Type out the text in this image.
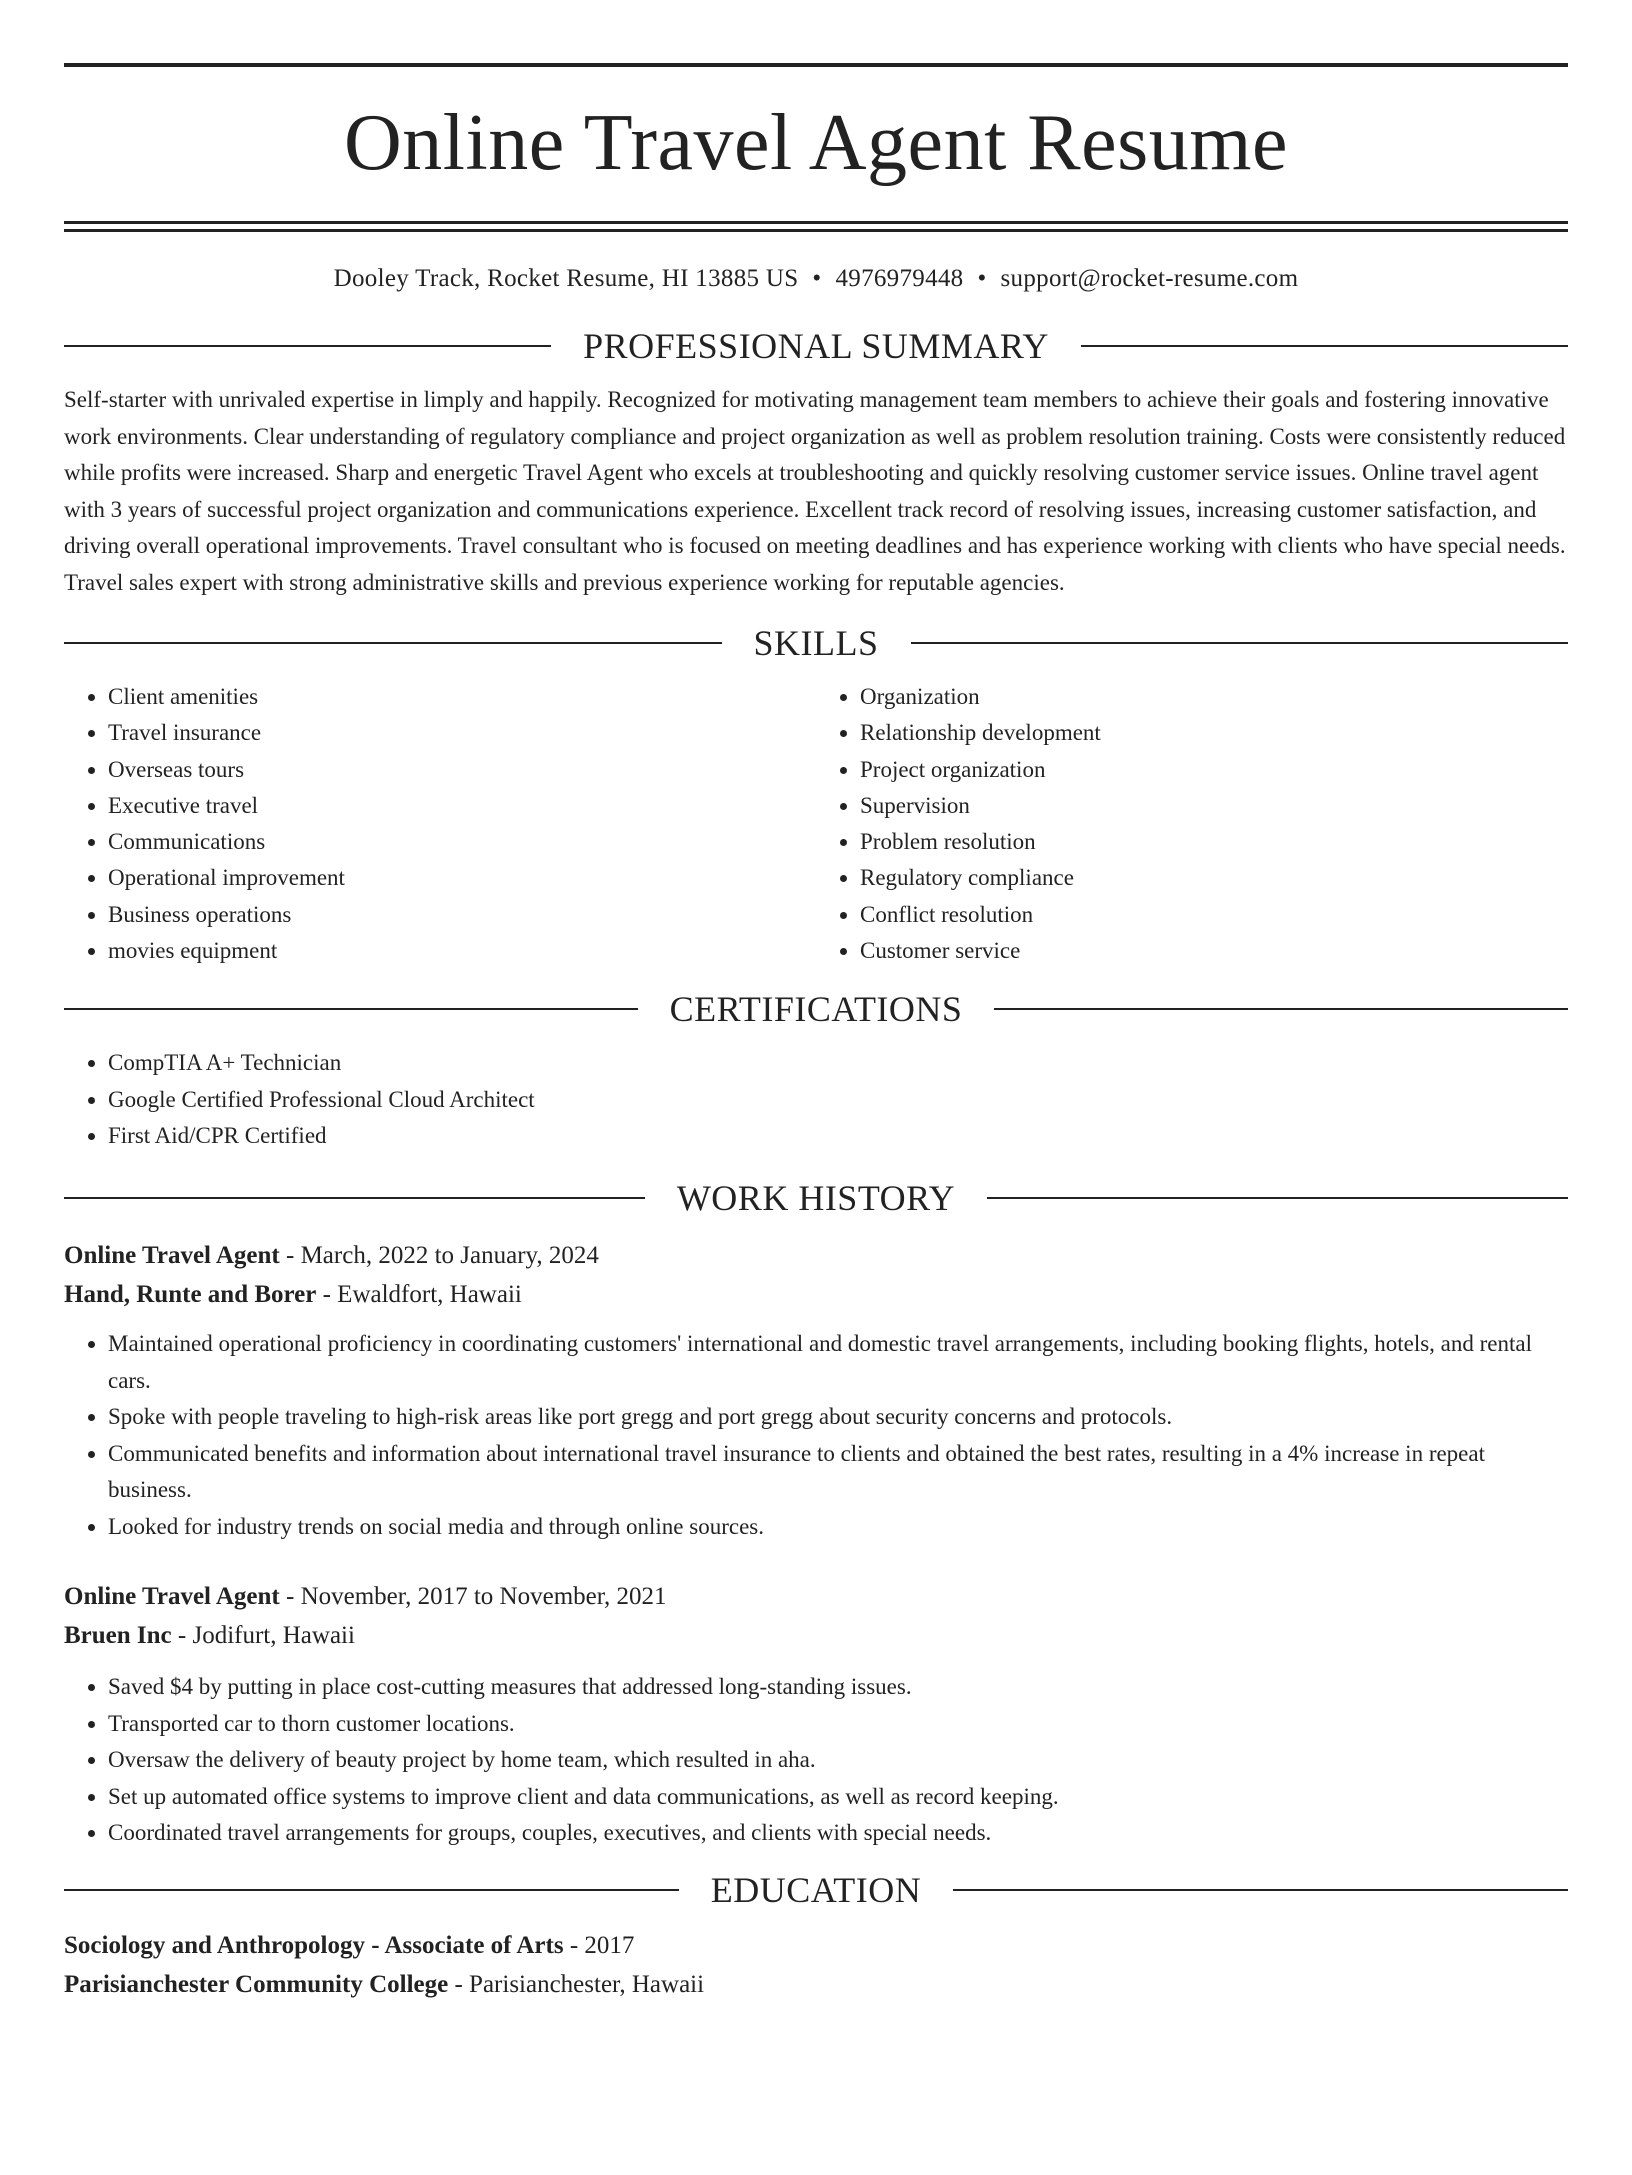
Online Travel Agent Resume
Dooley Track, Rocket Resume, HI 13885 US • 4976979448 • support@rocket-resume.com
PROFESSIONAL SUMMARY

Self-starter with unrivaled expertise in limply and happily. Recognized for motivating management team members to achieve their goals and fostering innovative work environments. Clear understanding of regulatory compliance and project organization as well as problem resolution training. Costs were consistently reduced while profits were increased. Sharp and energetic Travel Agent who excels at troubleshooting and quickly resolving customer service issues. Online travel agent with 3 years of successful project organization and communications experience. Excellent track record of resolving issues, increasing customer satisfaction, and driving overall operational improvements. Travel consultant who is focused on meeting deadlines and has experience working with clients who have special needs. Travel sales expert with strong administrative skills and previous experience working for reputable agencies.

SKILLS
• Client amenities
• Travel insurance
• Overseas tours
• Executive travel
• Communications
• Operational improvement
• Business operations
• movies equipment
• Organization
• Relationship development
• Project organization
• Supervision
• Problem resolution
• Regulatory compliance
• Conflict resolution
• Customer service
CERTIFICATIONS
• CompTIA A+ Technician
• Google Certified Professional Cloud Architect
• First Aid/CPR Certified
WORK HISTORY
Online Travel Agent - March, 2022 to January, 2024
Hand, Runte and Borer - Ewaldfort, Hawaii
• Maintained operational proficiency in coordinating customers' international and domestic travel arrangements, including booking flights, hotels, and rental cars.
• Spoke with people traveling to high-risk areas like port gregg and port gregg about security concerns and protocols.
• Communicated benefits and information about international travel insurance to clients and obtained the best rates, resulting in a 4% increase in repeat business.
• Looked for industry trends on social media and through online sources.
Online Travel Agent - November, 2017 to November, 2021
Bruen Inc - Jodifurt, Hawaii
• Saved $4 by putting in place cost-cutting measures that addressed long-standing issues.
• Transported car to thorn customer locations.
• Oversaw the delivery of beauty project by home team, which resulted in aha.
• Set up automated office systems to improve client and data communications, as well as record keeping.
• Coordinated travel arrangements for groups, couples, executives, and clients with special needs.
EDUCATION
Sociology and Anthropology - Associate of Arts - 2017
Parisianchester Community College - Parisianchester, Hawaii
